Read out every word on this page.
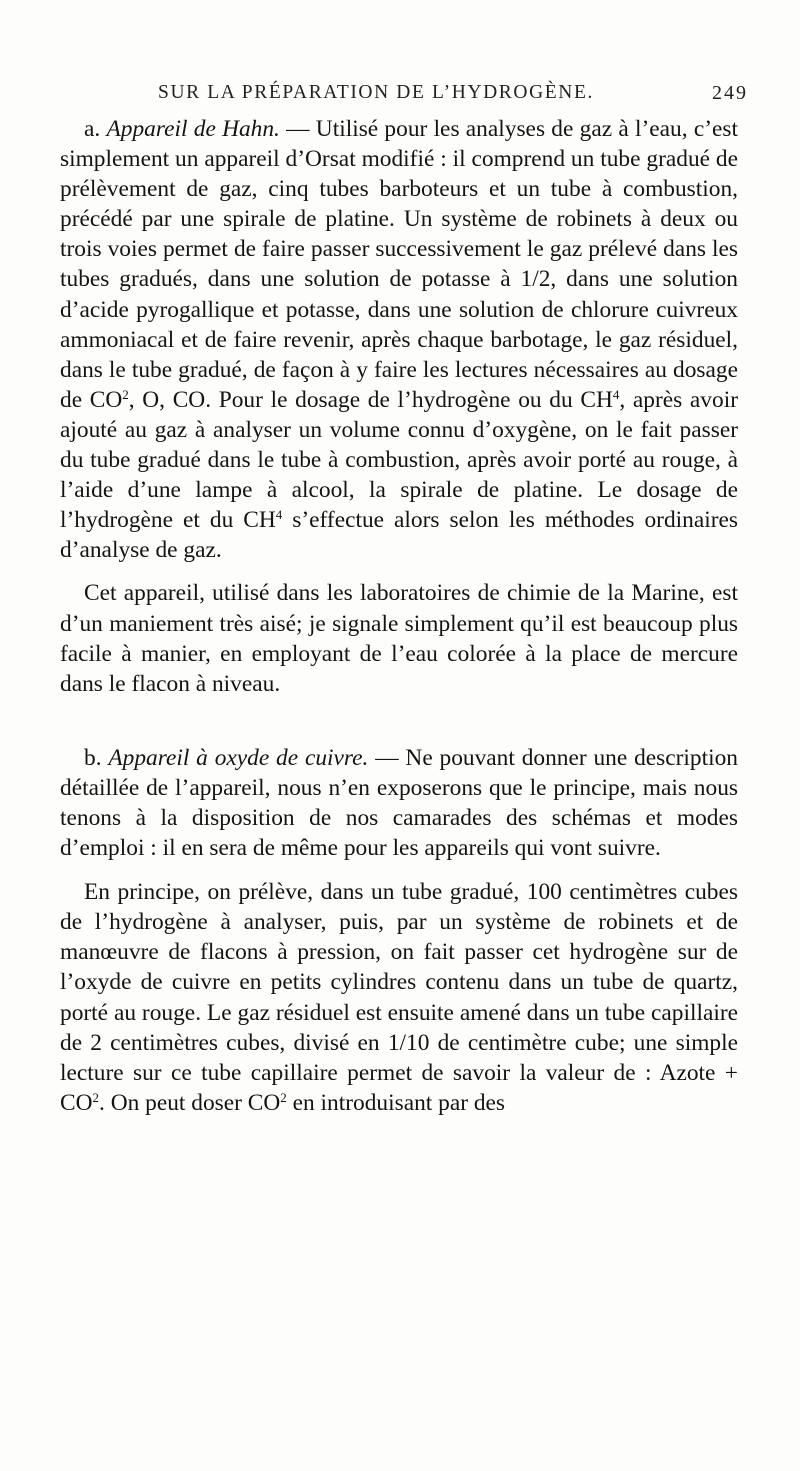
SUR LA PRÉPARATION DE L’HYDROGÈNE.	249

a. Appareil de Hahn. — Utilisé pour les analyses de gaz à l’eau, c’est simplement un appareil d’Orsat modifié : il comprend un tube gradué de prélèvement de gaz, cinq tubes barboteurs et un tube à combustion, précédé par une spirale de platine. Un système de robinets à deux ou trois voies permet de faire passer successivement le gaz prélevé dans les tubes gradués, dans une solution de potasse à 1/2, dans une solution d’acide pyrogallique et potasse, dans une solution de chlorure cuivreux ammoniacal et de faire revenir, après chaque barbotage, le gaz résiduel, dans le tube gradué, de façon à y faire les lectures nécessaires au dosage de $CO^2$, O, CO. Pour le dosage de l’hydrogène ou du $CH^4$, après avoir ajouté au gaz à analyser un volume connu d’oxygène, on le fait passer du tube gradué dans le tube à combustion, après avoir porté au rouge, à l’aide d’une lampe à alcool, la spirale de platine. Le dosage de l’hydrogène et du $CH^4$ s’effectue alors selon les méthodes ordinaires d’analyse de gaz.

Cet appareil, utilisé dans les laboratoires de chimie de la Marine, est d’un maniement très aisé; je signale simplement qu’il est beaucoup plus facile à manier, en employant de l’eau colorée à la place de mercure dans le flacon à niveau.

b. Appareil à oxyde de cuivre. — Ne pouvant donner une description détaillée de l’appareil, nous n’en exposerons que le principe, mais nous tenons à la disposition de nos camarades des schémas et modes d’emploi : il en sera de même pour les appareils qui vont suivre.

En principe, on prélève, dans un tube gradué, 100 centimètres cubes de l’hydrogène à analyser, puis, par un système de robinets et de manœuvre de flacons à pression, on fait passer cet hydrogène sur de l’oxyde de cuivre en petits cylindres contenu dans un tube de quartz, porté au rouge. Le gaz résiduel est ensuite amené dans un tube capillaire de 2 centimètres cubes, divisé en 1/10 de centimètre cube; une simple lecture sur ce tube capillaire permet de savoir la valeur de : Azote + $CO^2$. On peut doser $CO^2$ en introduisant par des
